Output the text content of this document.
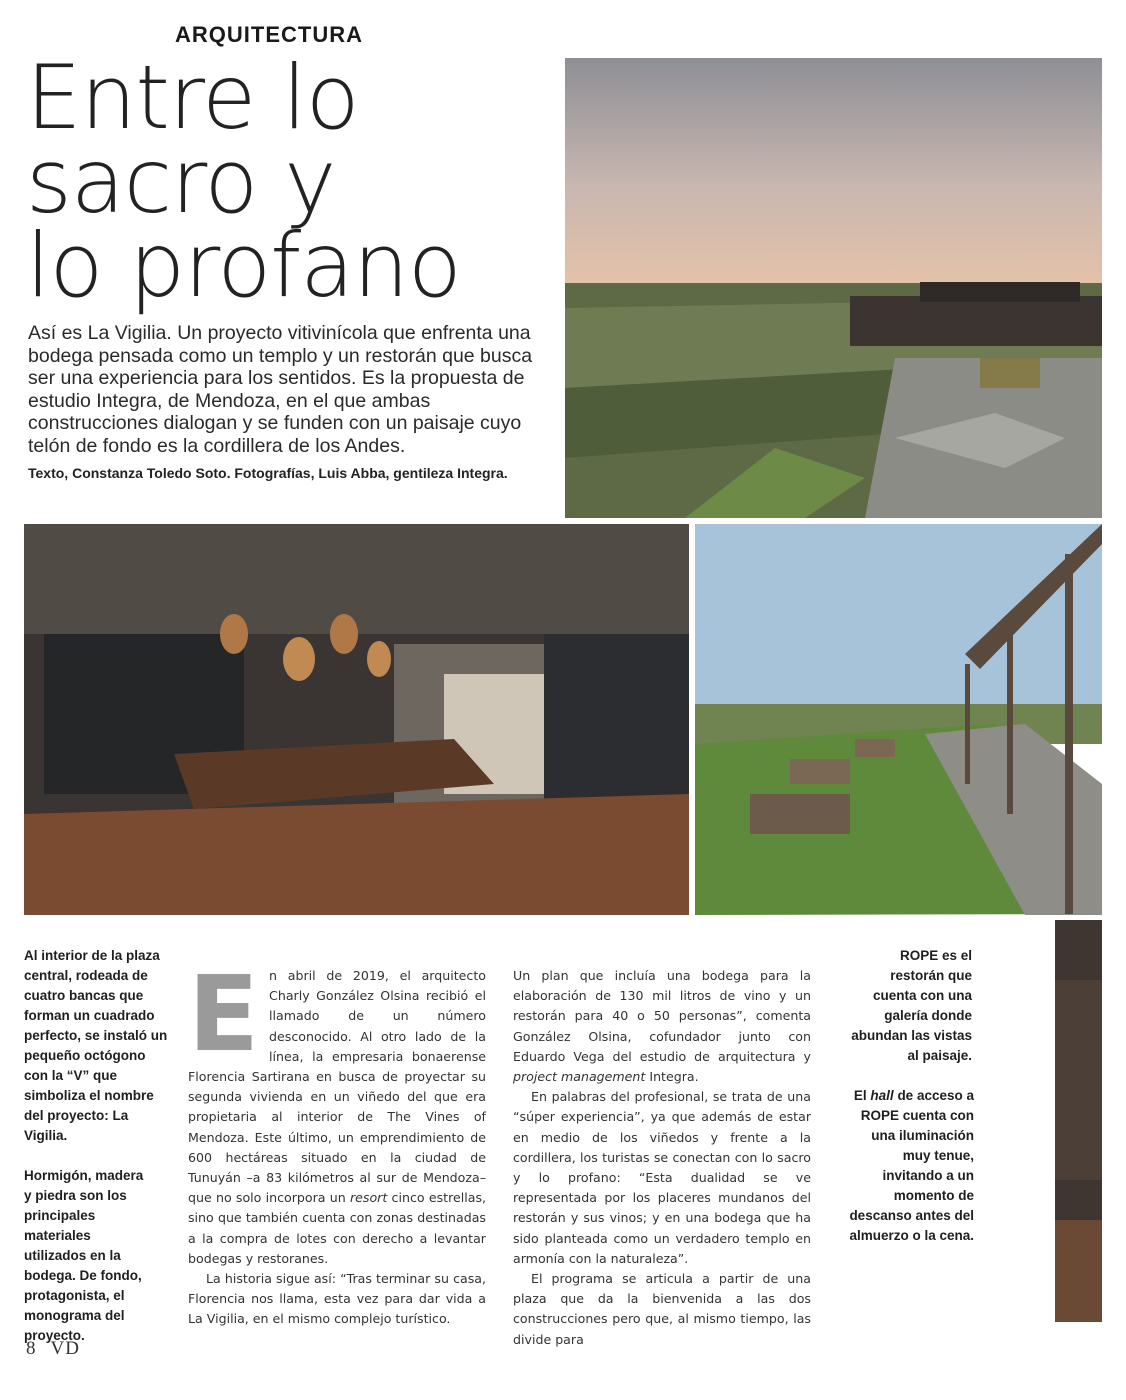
ARQUITECTURA
Entre lo
sacro y
lo profano

Así es La Vigilia. Un proyecto vitivinícola que enfrenta una bodega pensada como un templo y un restorán que busca ser una experiencia para los sentidos. Es la propuesta de estudio Integra, de Mendoza, en el que ambas construcciones dialogan y se funden con un paisaje cuyo telón de fondo es la cordillera de los Andes.

Texto, Constanza Toledo Soto. Fotografías, Luis Abba, gentileza Integra.
Al interior de la plaza central, rodeada de cuatro bancas que forman un cuadrado perfecto, se instaló un pequeño octógono con la “V” que simboliza el nombre del proyecto: La Vigilia.
Hormigón, madera y piedra son los principales materiales utilizados en la bodega. De fondo, protagonista, el monograma del proyecto.
ROPE es el restorán que cuenta con una galería donde abundan las vistas al paisaje.
El hall de acceso a ROPE cuenta con una iluminación muy tenue, invitando a un momento de descanso antes del almuerzo o la cena.

En abril de 2019, el arquitecto Charly González Olsina recibió el llamado de un número desconocido. Al otro lado de la línea, la empresaria bonaerense Florencia Sartirana en busca de proyectar su segunda vivienda en un viñedo del que era propietaria al interior de The Vines of Mendoza. Este último, un emprendimiento de 600 hectáreas situado en la ciudad de Tunuyán –a 83 kilómetros al sur de Mendoza– que no solo incorpora un resort cinco estrellas, sino que también cuenta con zonas destinadas a la compra de lotes con derecho a levantar bodegas y restoranes.

La historia sigue así: “Tras terminar su casa, Florencia nos llama, esta vez para dar vida a La Vigilia, en el mismo complejo turístico.

Un plan que incluía una bodega para la elaboración de 130 mil litros de vino y un restorán para 40 o 50 personas”, comenta González Olsina, cofundador junto con Eduardo Vega del estudio de arquitectura y project management Integra.

En palabras del profesional, se trata de una “súper experiencia”, ya que además de estar en medio de los viñedos y frente a la cordillera, los turistas se conectan con lo sacro y lo profano: “Esta dualidad se ve representada por los placeres mundanos del restorán y sus vinos; y en una bodega que ha sido planteada como un verdadero templo en armonía con la naturaleza”.

El programa se articula a partir de una plaza que da la bienvenida a las dos construcciones pero que, al mismo tiempo, las divide para

8 VD
